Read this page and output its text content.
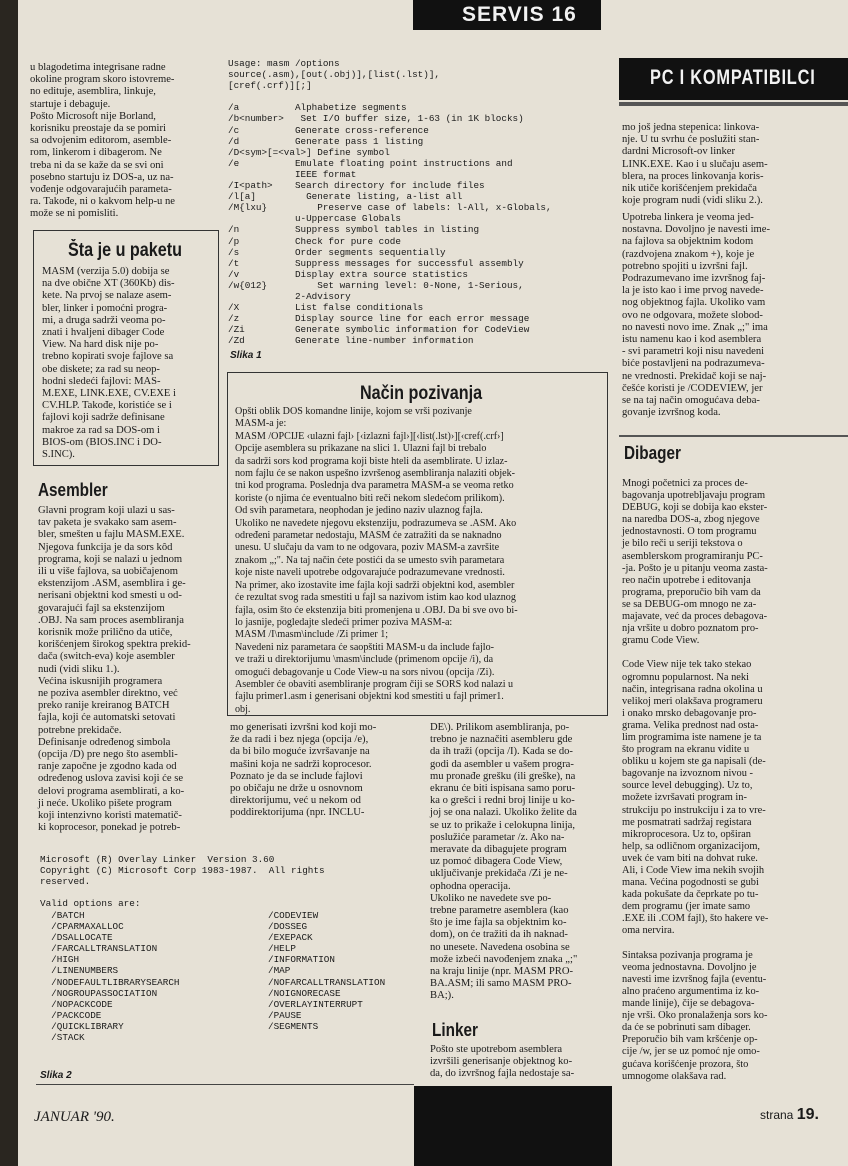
SERVIS 16
PC I KOMPATIBILCI
u blagodetima integrisane radne
okoline program skoro istovreme-
no edituje, asemblira, linkuje,
startuje i debaguje.
Pošto Microsoft nije Borland,
korisniku preostaje da se pomiri
sa odvojenim editorom, asemble-
rom, linkerom i dibagerom. Ne
treba ni da se kaže da se svi oni
posebno startuju iz DOS-a, uz na-
vođenje odgovarajućih parameta-
ra. Takođe, ni o kakvom help-u ne
može se ni pomisliti.
Šta je u paketu
MASM (verzija 5.0) dobija se
na dve obične XT (360Kb) dis-
kete. Na prvoj se nalaze asem-
bler, linker i pomoćni progra-
mi, a druga sadrži veoma po-
znati i hvaljeni dibager Code
View. Na hard disk nije po-
trebno kopirati svoje fajlove sa
obe diskete; za rad su neop-
hodni sledeći fajlovi: MAS-
M.EXE, LINK.EXE, CV.EXE i
CV.HLP. Takođe, koristiće se i
fajlovi koji sadrže definisane
makroe za rad sa DOS-om i
BIOS-om (BIOS.INC i DO-
S.INC).
Asembler
Glavni program koji ulazi u sas-
tav paketa je svakako sam asem-
bler, smešten u fajlu MASM.EXE.
Njegova funkcija je da sors kôd
programa, koji se nalazi u jednom
ili u više fajlova, sa uobičajenom
ekstenzijom .ASM, asemblira i ge-
nerisani objektni kod smesti u od-
govarajući fajl sa ekstenzijom
.OBJ. Na sam proces asembliranja
korisnik može prilično da utiče,
korišćenjem širokog spektra prekid-
dača (switch-eva) koje asembler
nudi (vidi sliku 1.).
Većina iskusnijih programera
ne poziva asembler direktno, već
preko ranije kreiranog BATCH
fajla, koji će automatski setovati
potrebne prekidače.
Definisanje određenog simbola
(opcija /D) pre nego što asembli-
ranje započne je zgodno kada od
određenog uslova zavisi koji će se
delovi programa asemblirati, a ko-
ji neće. Ukoliko pišete program
koji intenzivno koristi matematič-
ki koprocesor, ponekad je potreb-
Usage: masm /options
source(.asm),[out(.obj)],[list(.lst)],
[cref(.crf)][;]

/a          Alphabetize segments
/b<number>   Set I/O buffer size, 1-63 (in 1K blocks)
/c          Generate cross-reference
/d          Generate pass 1 listing
/D<sym>[=<val>] Define symbol
/e          Emulate floating point instructions and
IEEE format
/I<path>    Search directory for include files
/l[a]         Generate listing, a-list all
/M{lxu}         Preserve case of labels: l-All, x-Globals,
u-Uppercase Globals
/n          Suppress symbol tables in listing
/p          Check for pure code
/s          Order segments sequentially
/t          Suppress messages for successful assembly
/v          Display extra source statistics
/w{012}         Set warning level: 0-None, 1-Serious,
2-Advisory
/X          List false conditionals
/z          Display source line for each error message
/Zi         Generate symbolic information for CodeView
/Zd         Generate line-number information
Slika 1
Način pozivanja
Opšti oblik DOS komandne linije, kojom se vrši pozivanje
MASM-a je:
MASM /OPCIJE ‹ulazni fajl› [‹izlazni fajl›][‹list(.lst)›][‹cref(.crf›]
Opcije asemblera su prikazane na slici 1. Ulazni fajl bi trebalo
da sadrži sors kod programa koji biste hteli da asemblirate. U izlaz-
nom fajlu će se nakon uspešno izvršenog asembliranja nalaziti objek-
tni kod programa. Poslednja dva parametra MASM-a se veoma retko
koriste (o njima će eventualno biti reči nekom sledećom prilikom).
Od svih parametara, neophodan je jedino naziv ulaznog fajla.
Ukoliko ne navedete njegovu ekstenziju, podrazumeva se .ASM. Ako
određeni parametar nedostaju, MASM će zatražiti da se naknadno
unesu. U slučaju da vam to ne odgovara, poziv MASM-a završite
znakom „;". Na taj način ćete postići da se umesto svih parametara
koje niste naveli upotrebe odgovarajuće podrazumevane vrednosti.
Na primer, ako izostavite ime fajla koji sadrži objektni kod, asembler
će rezultat svog rada smestiti u fajl sa nazivom istim kao kod ulaznog
fajla, osim što će ekstenzija biti promenjena u .OBJ. Da bi sve ovo bi-
lo jasnije, pogledajte sledeći primer poziva MASM-a:
MASM /I\masm\include /Zi primer 1;
Navedeni niz parametara će saopštiti MASM-u da include fajlo-
ve traži u direktorijumu \masm\include (primenom opcije /i), da
omogući debagovanje u Code View-u na sors nivou (opcija /Zi).
Asembler će obaviti asembliranje program čiji se SORS kod nalazi u
fajlu primer1.asm i generisani objektni kod smestiti u fajl primer1.
obj.
mo generisati izvršni kod koji mo-
že da radi i bez njega (opcija /e),
da bi bilo moguće izvršavanje na
mašini koja ne sadrži koprocesor.
Poznato je da se include fajlovi
po običaju ne drže u osnovnom
direktorijumu, već u nekom od
poddirektorijuma (npr. INCLU-
DE\). Prilikom asembliranja, po-
trebno je naznačiti asembleru gde
da ih traži (opcija /I). Kada se do-
godi da asembler u vašem progra-
mu pronađe grešku (ili greške), na
ekranu će biti ispisana samo poru-
ka o grešci i redni broj linije u ko-
joj se ona nalazi. Ukoliko želite da
se uz to prikaže i celokupna linija,
poslužiće parametar /z. Ako na-
meravate da dibagujete program
uz pomoć dibagera Code View,
uključivanje prekidača /Zi je ne-
ophodna operacija.
Ukoliko ne navedete sve po-
trebne parametre asemblera (kao
što je ime fajla sa objektnim ko-
dom), on će tražiti da ih naknad-
no unesete. Navedena osobina se
može izbeći navođenjem znaka „;"
na kraju linije (npr. MASM PRO-
BA.ASM; ili samo MASM PRO-
BA;).
Linker
Pošto ste upotrebom asemblera
izvršili generisanje objektnog ko-
da, do izvršnog fajla nedostaje sa-
Microsoft (R) Overlay Linker  Version 3.60
Copyright (C) Microsoft Corp 1983-1987.  All rights
reserved.

Valid options are:
/BATCH
/CPARMAXALLOC
/DSALLOCATE
/FARCALLTRANSLATION
/HIGH
/LINENUMBERS
/NODEFAULTLIBRARYSEARCH
/NOGROUPASSOCIATION
/NOPACKCODE
/PACKCODE
/QUICKLIBRARY
/STACK
/CODEVIEW
/DOSSEG
/EXEPACK
/HELP
/INFORMATION
/MAP
/NOFARCALLTRANSLATION
/NOIGNORECASE
/OVERLAYINTERRUPT
/PAUSE
/SEGMENTS
Slika 2
mo još jedna stepenica: linkova-
nje. U tu svrhu će poslužiti stan-
dardni Microsoft-ov linker
LINK.EXE. Kao i u slučaju asem-
blera, na proces linkovanja koris-
nik utiče korišćenjem prekidača
koje program nudi (vidi sliku 2.).
Upotreba linkera je veoma jed-
nostavna. Dovoljno je navesti ime-
na fajlova sa objektnim kodom
(razdvojena znakom +), koje je
potrebno spojiti u izvršni fajl.
Podrazumevano ime izvršnog faj-
la je isto kao i ime prvog navede-
nog objektnog fajla. Ukoliko vam
ovo ne odgovara, možete slobod-
no navesti novo ime. Znak „;" ima
istu namenu kao i kod asemblera
- svi parametri koji nisu navedeni
biće postavljeni na podrazumeva-
ne vrednosti. Prekidač koji se naj-
češće koristi je /CODEVIEW, jer
se na taj način omogućava deba-
govanje izvršnog koda.
Dibager
Mnogi početnici za proces de-
bagovanja upotrebljavaju program
DEBUG, koji se dobija kao ekster-
na naredba DOS-a, zbog njegove
jednostavnosti. O tom programu
je bilo reči u seriji tekstova o
asemblerskom programiranju PC-
-ja. Pošto je u pitanju veoma zasta-
reo način upotrebe i editovanja
programa, preporučio bih vam da
se sa DEBUG-om mnogo ne za-
majavate, već da proces debagova-
nja vršite u dobro poznatom pro-
gramu Code View.

Code View nije tek tako stekao
ogromnu popularnost. Na neki
način, integrisana radna okolina u
velikoj meri olakšava programeru
i onako mrsko debagovanje pro-
grama. Velika prednost nad osta-
lim programima iste namene je ta
što program na ekranu vidite u
obliku u kojem ste ga napisali (de-
bagovanje na izvoznom nivou -
source level debugging). Uz to,
možete izvršavati program in-
strukciju po instrukciju i za to vre-
me posmatrati sadržaj registara
mikroprocesora. Uz to, opširan
help, sa odličnom organizacijom,
uvek će vam biti na dohvat ruke.
Ali, i Code View ima nekih svojih
mana. Većina pogodnosti se gubi
kada pokušate da čeprkate po tu-
dem programu (jer imate samo
.EXE ili .COM fajl), što hakere ve-
oma nervira.

Sintaksa pozivanja programa je
veoma jednostavna. Dovoljno je
navesti ime izvršnog fajla (eventu-
alno praćeno argumentima iz ko-
mande linije), čije se debagova-
nje vrši. Oko pronalaženja sors ko-
da će se pobrinuti sam dibager.
Preporučio bih vam kršćenje op-
cije /w, jer se uz pomoć nje omo-
gućava korišćenje prozora, što
umnogome olakšava rad.
JANUAR '90.	strana 19.
